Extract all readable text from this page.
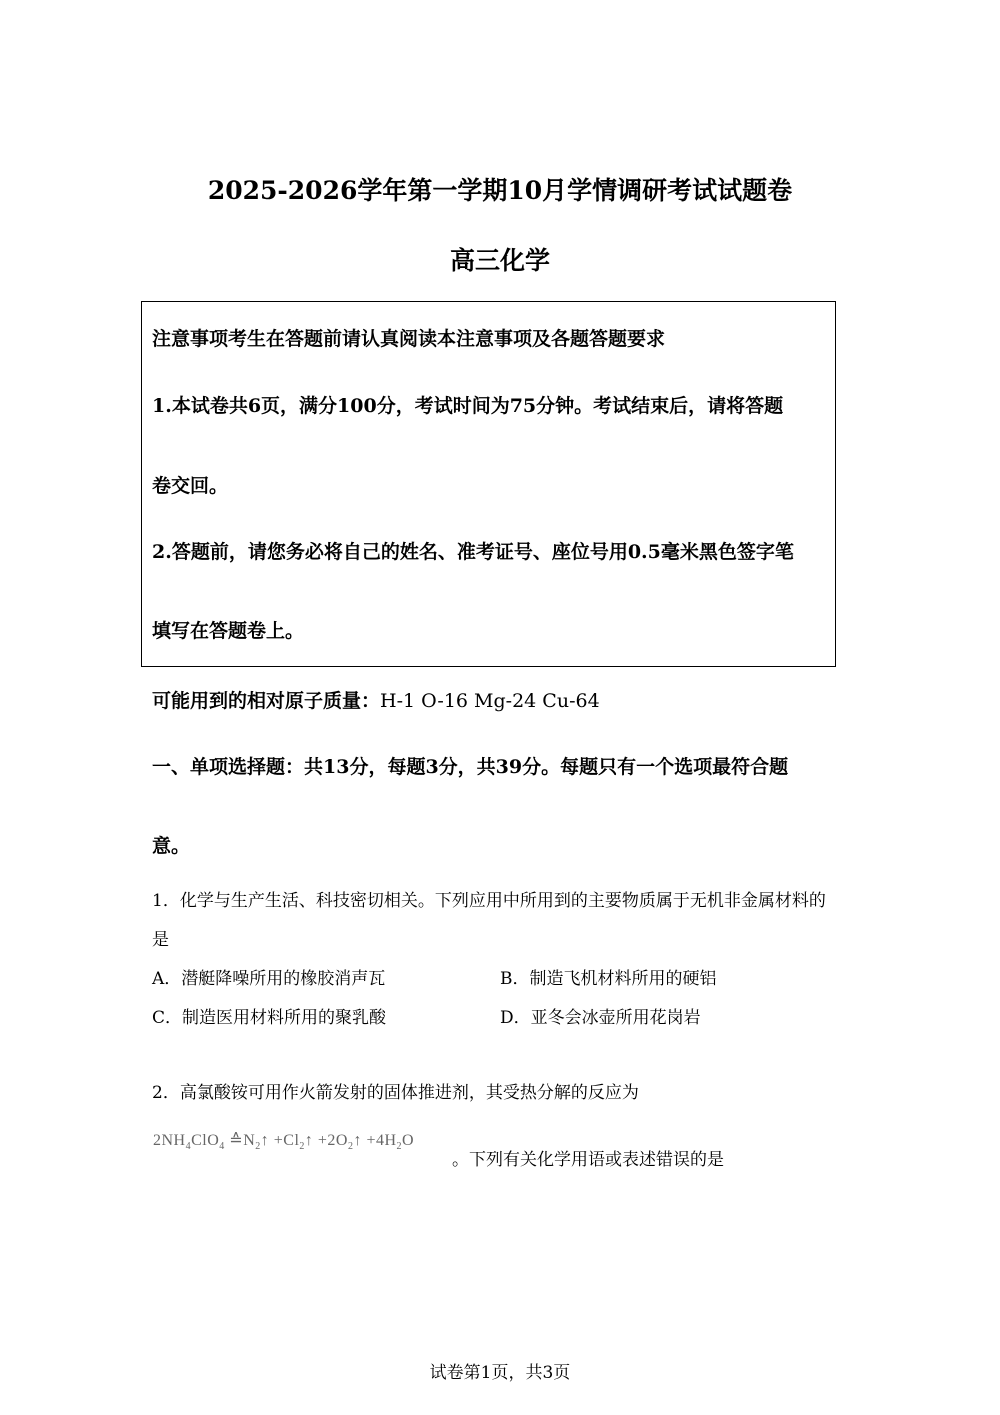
2025-2026学年第一学期10月学情调研考试试题卷
高三化学
注意事项考生在答题前请认真阅读本注意事项及各题答题要求
1.本试卷共6页，满分100分，考试时间为75分钟。考试结束后，请将答题
卷交回。
2.答题前，请您务必将自己的姓名、准考证号、座位号用0.5毫米黑色签字笔
填写在答题卷上。
可能用到的相对原子质量：H-1 O-16 Mg-24 Cu-64
一、单项选择题：共13分，每题3分，共39分。每题只有一个选项最符合题
意。
1．化学与生产生活、科技密切相关。下列应用中所用到的主要物质属于无机非金属材料的
是
A．潜艇降噪所用的橡胶消声瓦	B．制造飞机材料所用的硬铝
C．制造医用材料所用的聚乳酸	D．亚冬会冰壶所用花岗岩
2．高氯酸铵可用作火箭发射的固体推进剂，其受热分解的反应为
$2NH_4ClO_4$ $≙N_2↑$ $+Cl_2↑$ $+2O_2↑ +4H_2O$
。下列有关化学用语或表述错误的是
试卷第1页，共3页
